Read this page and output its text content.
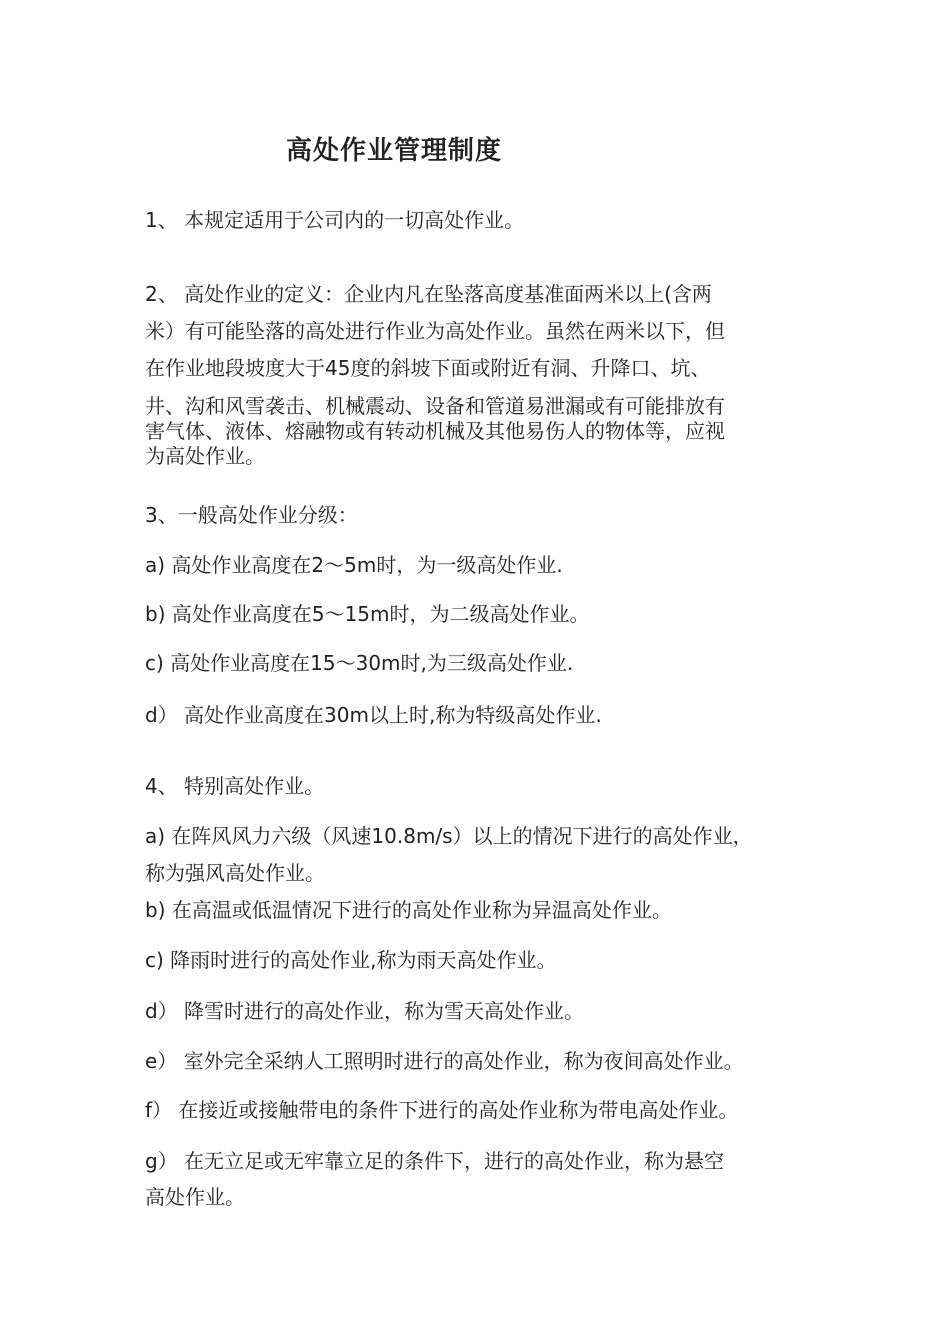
高处作业管理制度
1、 本规定适用于公司内的一切高处作业。
2、 高处作业的定义：企业内凡在坠落高度基准面两米以上(含两
米）有可能坠落的高处进行作业为高处作业。虽然在两米以下，但
在作业地段坡度大于45度的斜坡下面或附近有洞、升降口、坑、
井、沟和风雪袭击、机械震动、设备和管道易泄漏或有可能排放有
害气体、液体、熔融物或有转动机械及其他易伤人的物体等，应视
为高处作业。
3、一般高处作业分级：
a) 高处作业高度在2～5m时，为一级高处作业.
b) 高处作业高度在5～15m时，为二级高处作业。
c) 高处作业高度在15～30m时,为三级高处作业.
d） 高处作业高度在30m以上时,称为特级高处作业.
4、 特别高处作业。
a) 在阵风风力六级（风速10.8m/s）以上的情况下进行的高处作业，
称为强风高处作业。
b) 在高温或低温情况下进行的高处作业称为异温高处作业。
c) 降雨时进行的高处作业,称为雨天高处作业。
d） 降雪时进行的高处作业，称为雪天高处作业。
e） 室外完全采纳人工照明时进行的高处作业，称为夜间高处作业。
f） 在接近或接触带电的条件下进行的高处作业称为带电高处作业。
g） 在无立足或无牢靠立足的条件下，进行的高处作业，称为悬空
高处作业。
